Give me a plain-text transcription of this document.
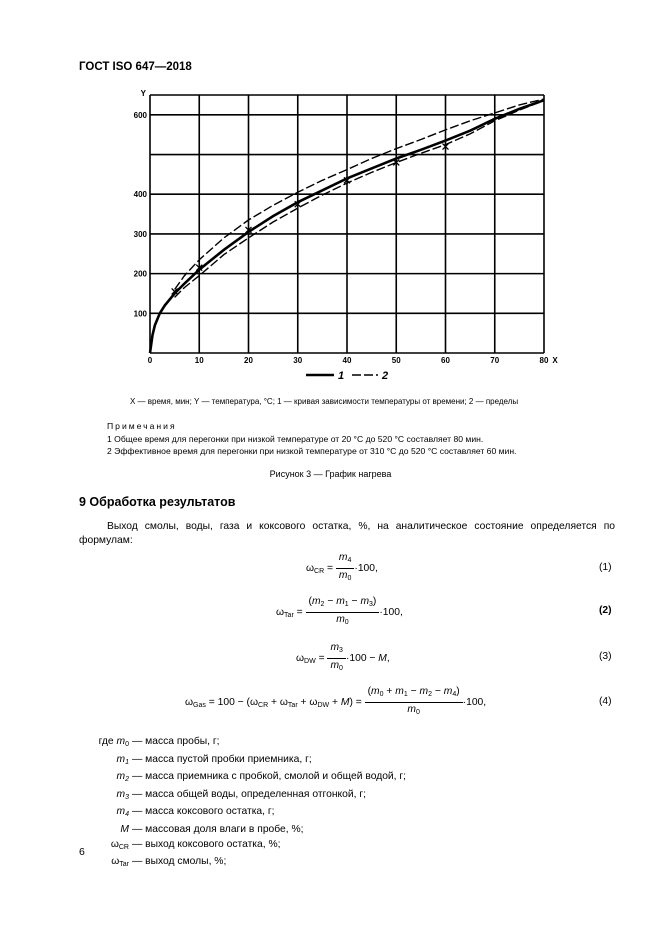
ГОСТ ISO 647—2018
0	10	20	30	40	50	60	70	80 X
100
200
300
400
600
Y
1	2
X — время, мин; Y — температура, °C; 1 — кривая зависимости температуры от времени; 2 — пределы
Примечания
1 Общее время для перегонки при низкой температуре от 20 °С до 520 °С составляет 80 мин.
2 Эффективное время для перегонки при низкой температуре от 310 °С до 520 °С составляет 60 мин.
Рисунок 3 — График нагрева
9 Обработка результатов
Выход смолы, воды, газа и коксового остатка, %, на аналитическое состояние определяется по формулам:
$\omega_{CR} = \frac{m_4}{m_0} \cdot 100$,	(1)
$\omega_{Tar} = \frac{(m_2 - m_1 - m_3)}{m_0} \cdot 100$,	(2)
$\omega_{DW} = \frac{m_3}{m_0} \cdot 100 - M$,	(3)
$\omega_{Gas} = 100 - (\omega_{CR} + \omega_{Tar} + \omega_{DW} + M) = \frac{(m_0 + m_1 - m_2 - m_4)}{m_0} \cdot 100$,	(4)
где $m_0$ — масса пробы, г;
$m_1$ — масса пустой пробки приемника, г;
$m_2$ — масса приемника с пробкой, смолой и общей водой, г;
$m_3$ — масса общей воды, определенная отгонкой, г;
$m_4$ — масса коксового остатка, г;
M — массовая доля влаги в пробе, %;
$\omega_{CR}$ — выход коксового остатка, %;
$\omega_{Tar}$ — выход смолы, %;
6
